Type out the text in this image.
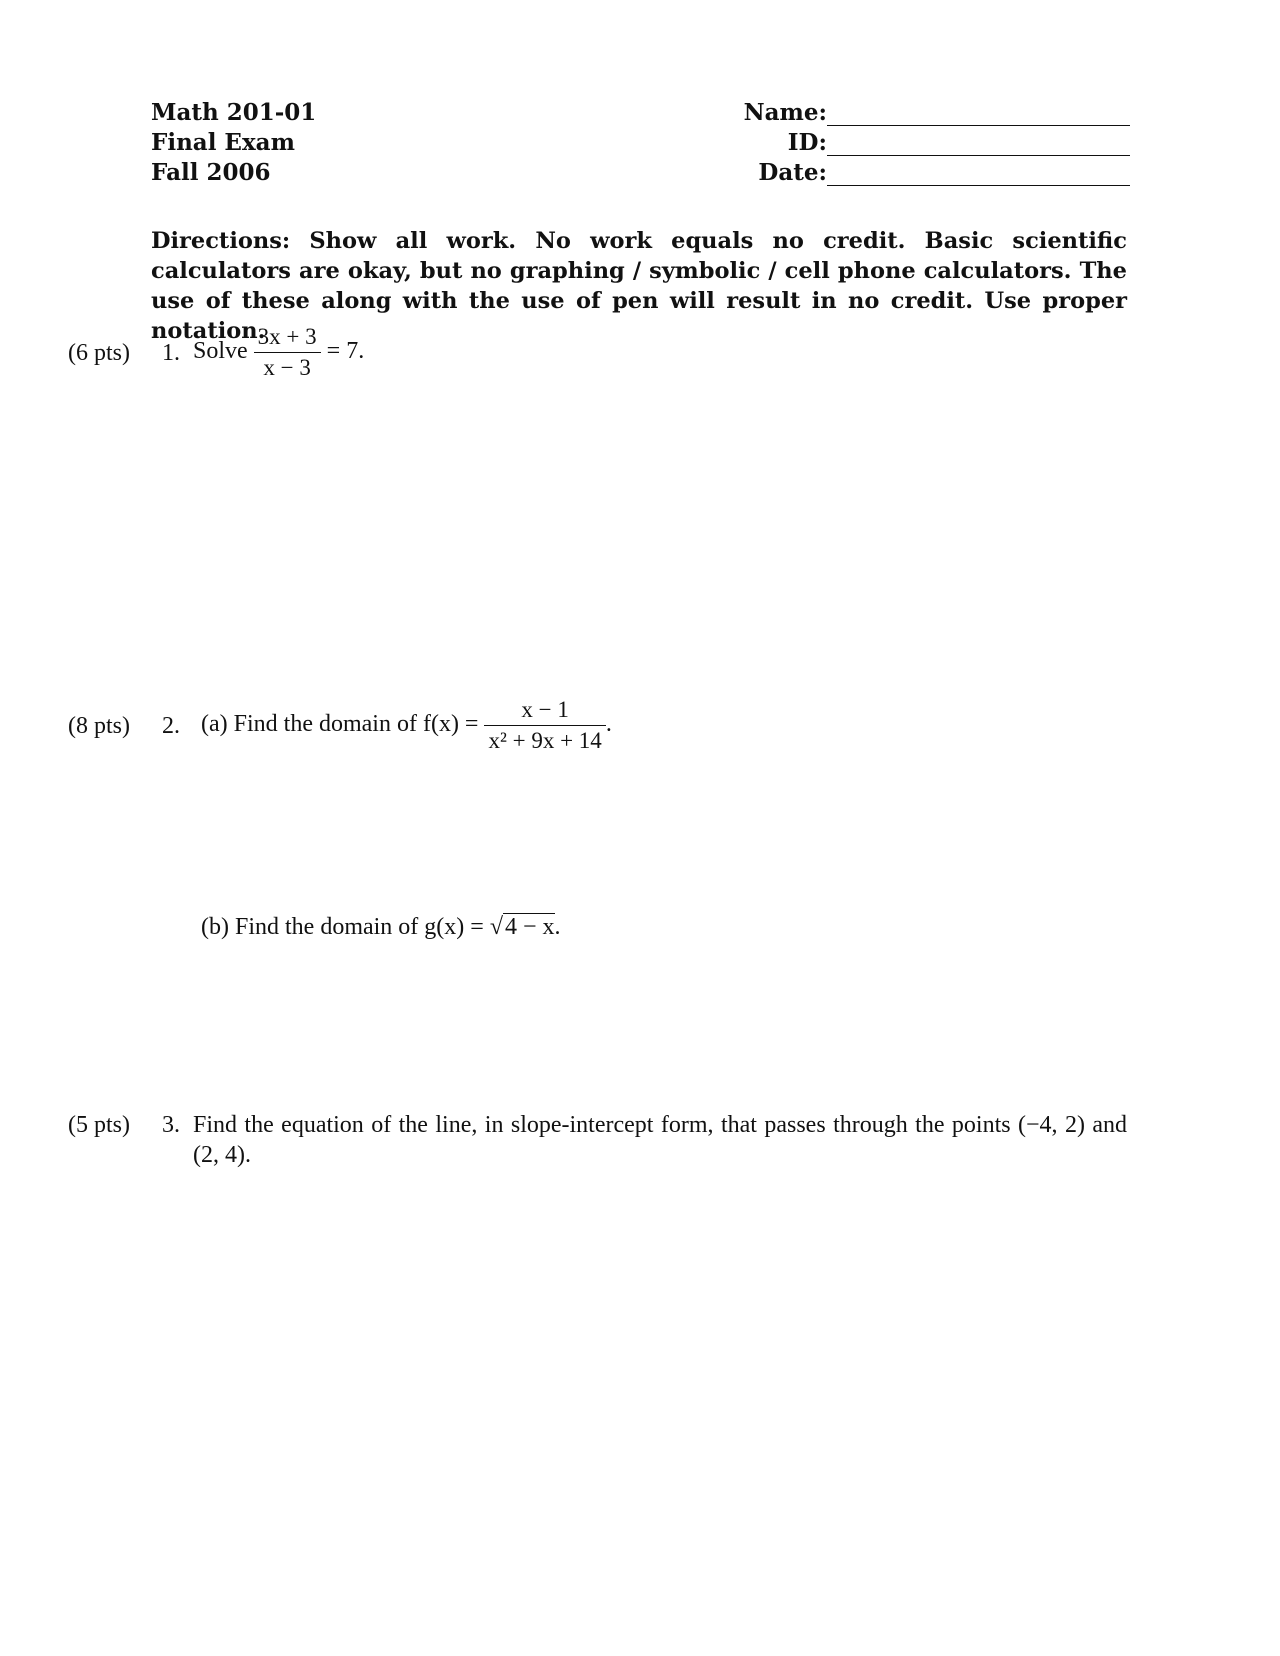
Math 201-01
Final Exam
Fall 2006
Name:
ID:
Date:
Directions: Show all work. No work equals no credit. Basic scientific calculators are okay, but no graphing / symbolic / cell phone calculators. The use of these along with the use of pen will result in no credit. Use proper notation.
(6 pts) 1. Solve $\frac{3x + 3}{x - 3} = 7$.
(8 pts) 2. (a) Find the domain of $f(x) = \frac{x - 1}{\text{x² + 9x + 14}}$ .
(b) Find the domain of g(x) = √4 − x.
(5 pts) 3. Find the equation of the line, in slope-intercept form, that passes through the points (−4, 2) and (2, 4).
